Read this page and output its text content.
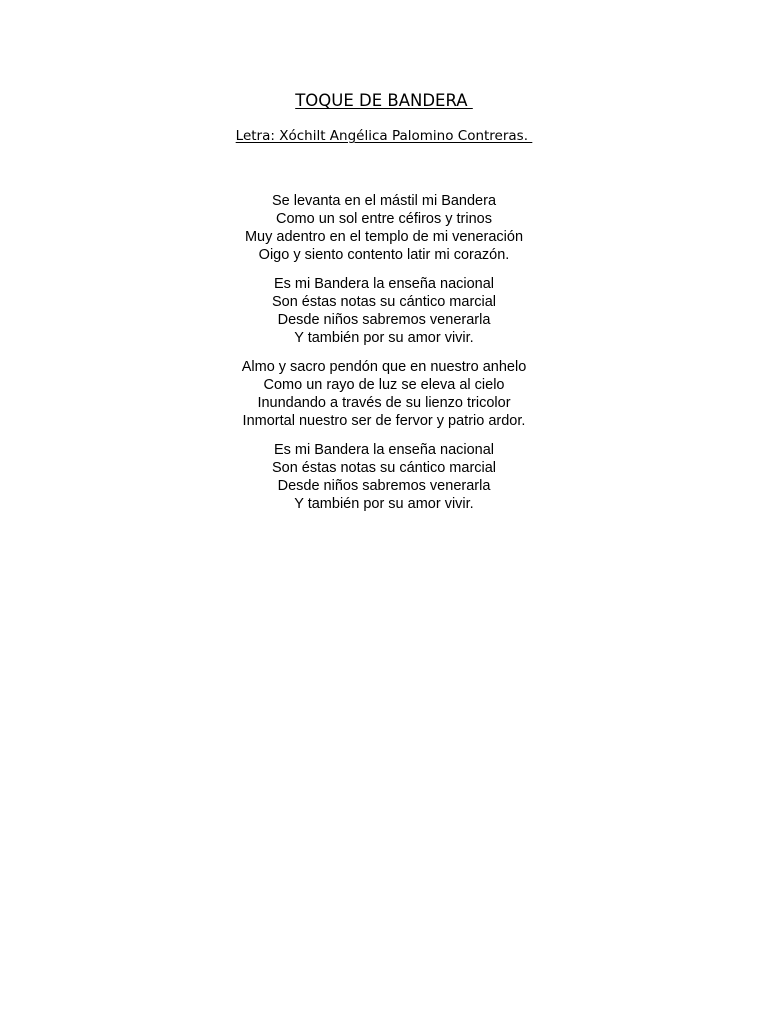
TOQUE DE BANDERA
Letra: Xóchilt Angélica Palomino Contreras.
Se levanta en el mástil mi Bandera
Como un sol entre céfiros y trinos
Muy adentro en el templo de mi veneración
Oigo y siento contento latir mi corazón.
Es mi Bandera la enseña nacional
Son éstas notas su cántico marcial
Desde niños sabremos venerarla
Y también por su amor vivir.
Almo y sacro pendón que en nuestro anhelo
Como un rayo de luz se eleva al cielo
Inundando a través de su lienzo tricolor
Inmortal nuestro ser de fervor y patrio ardor.
Es mi Bandera la enseña nacional
Son éstas notas su cántico marcial
Desde niños sabremos venerarla
Y también por su amor vivir.
